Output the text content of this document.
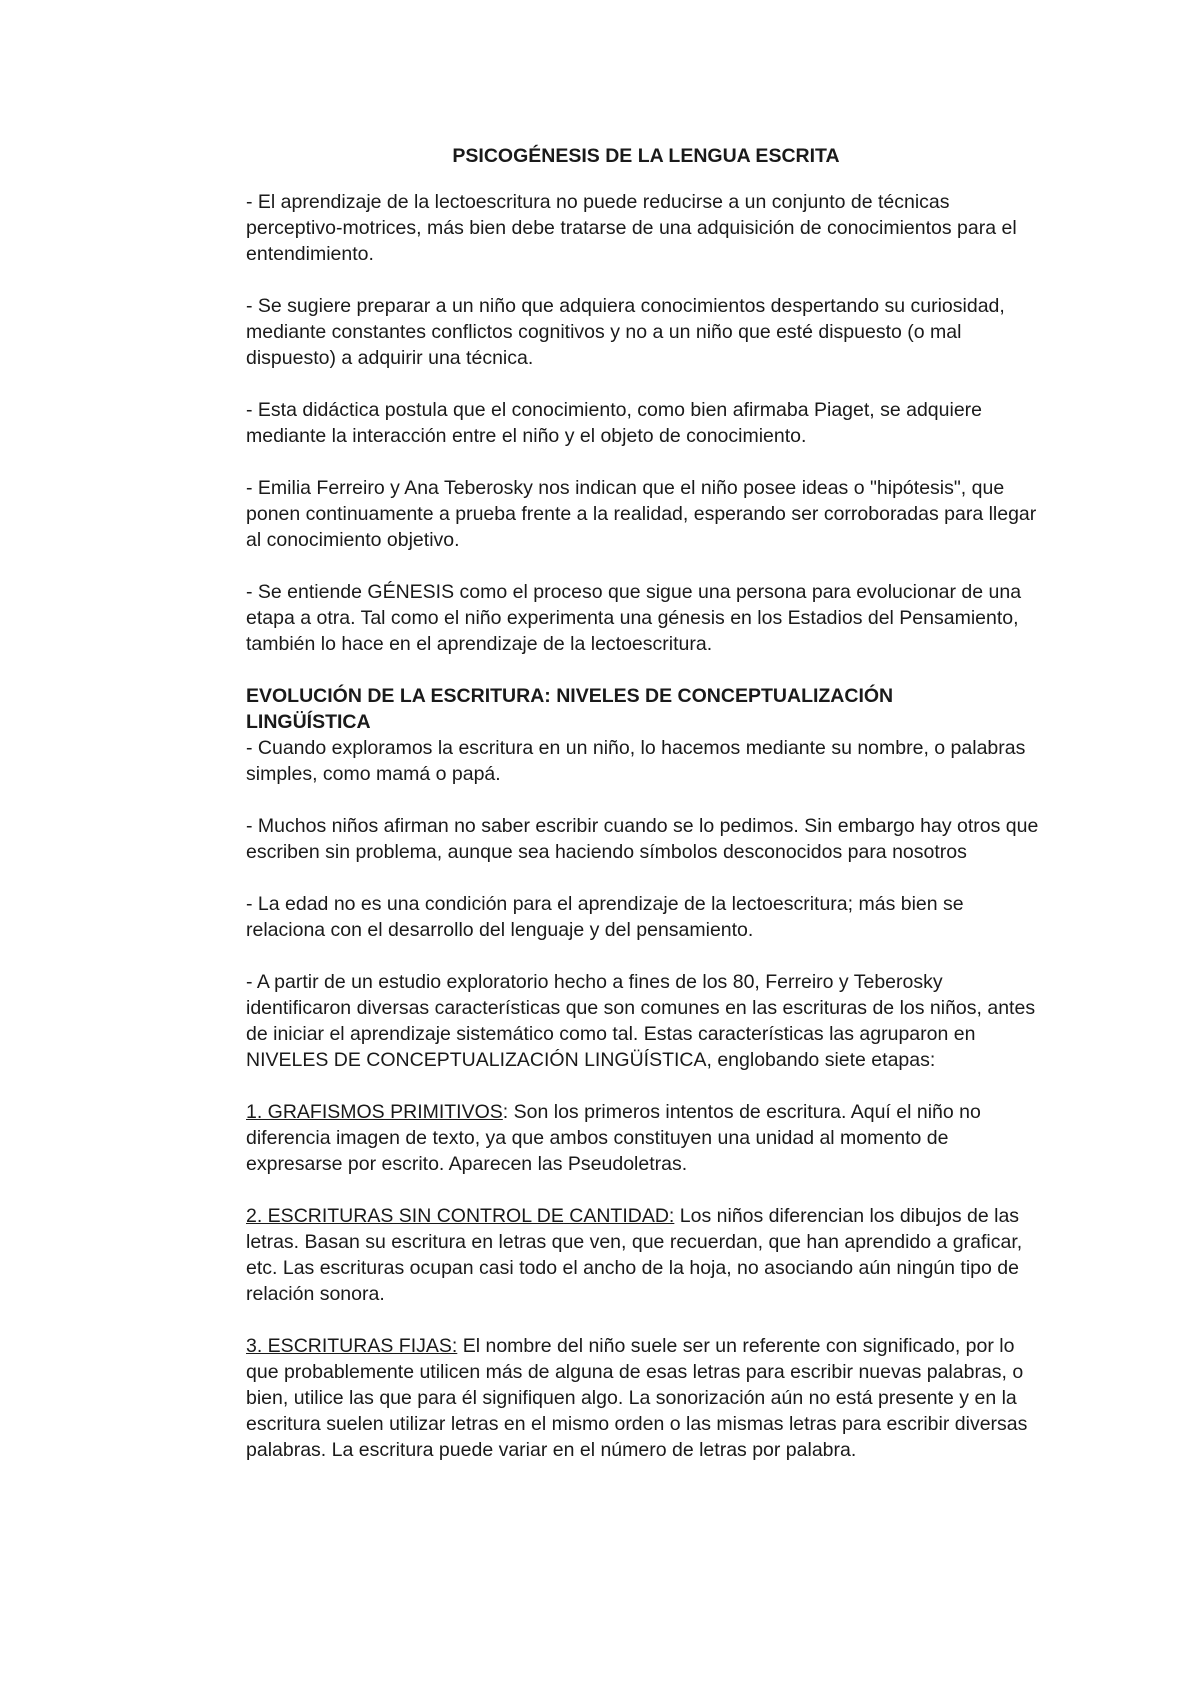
PSICOGÉNESIS DE LA LENGUA ESCRITA

- El aprendizaje de la lectoescritura no puede reducirse a un conjunto de técnicas perceptivo-motrices, más bien debe tratarse de una adquisición de conocimientos para el entendimiento.

- Se sugiere preparar a un niño que adquiera conocimientos despertando su curiosidad, mediante constantes conflictos cognitivos y no a un niño que esté dispuesto (o mal dispuesto) a adquirir una técnica.

- Esta didáctica postula que el conocimiento, como bien afirmaba Piaget, se adquiere mediante la interacción entre el niño y el objeto de conocimiento.

- Emilia Ferreiro y Ana Teberosky nos indican que el niño posee ideas o "hipótesis", que ponen continuamente a prueba frente a la realidad, esperando ser corroboradas para llegar al conocimiento objetivo.

- Se entiende GÉNESIS como el proceso que sigue una persona para evolucionar de una etapa a otra. Tal como el niño experimenta una génesis en los Estadios del Pensamiento, también lo hace en el aprendizaje de la lectoescritura.

EVOLUCIÓN DE LA ESCRITURA: NIVELES DE CONCEPTUALIZACIÓN LINGÜÍSTICA

- Cuando exploramos la escritura en un niño, lo hacemos mediante su nombre, o palabras simples, como mamá o papá.

- Muchos niños afirman no saber escribir cuando se lo pedimos. Sin embargo hay otros que escriben sin problema, aunque sea haciendo símbolos desconocidos para nosotros

- La edad no es una condición para el aprendizaje de la lectoescritura; más bien se relaciona con el desarrollo del lenguaje y del pensamiento.

- A partir de un estudio exploratorio hecho a fines de los 80, Ferreiro y Teberosky identificaron diversas características que son comunes en las escrituras de los niños, antes de iniciar el aprendizaje sistemático como tal. Estas características las agruparon en NIVELES DE CONCEPTUALIZACIÓN LINGÜÍSTICA, englobando siete etapas:

1. GRAFISMOS PRIMITIVOS: Son los primeros intentos de escritura. Aquí el niño no diferencia imagen de texto, ya que ambos constituyen una unidad al momento de expresarse por escrito. Aparecen las Pseudoletras.

2. ESCRITURAS SIN CONTROL DE CANTIDAD: Los niños diferencian los dibujos de las letras. Basan su escritura en letras que ven, que recuerdan, que han aprendido a graficar, etc. Las escrituras ocupan casi todo el ancho de la hoja, no asociando aún ningún tipo de relación sonora.

3. ESCRITURAS FIJAS: El nombre del niño suele ser un referente con significado, por lo que probablemente utilicen más de alguna de esas letras para escribir nuevas palabras, o bien, utilice las que para él signifiquen algo. La sonorización aún no está presente y en la escritura suelen utilizar letras en el mismo orden o las mismas letras para escribir diversas palabras. La escritura puede variar en el número de letras por palabra.
